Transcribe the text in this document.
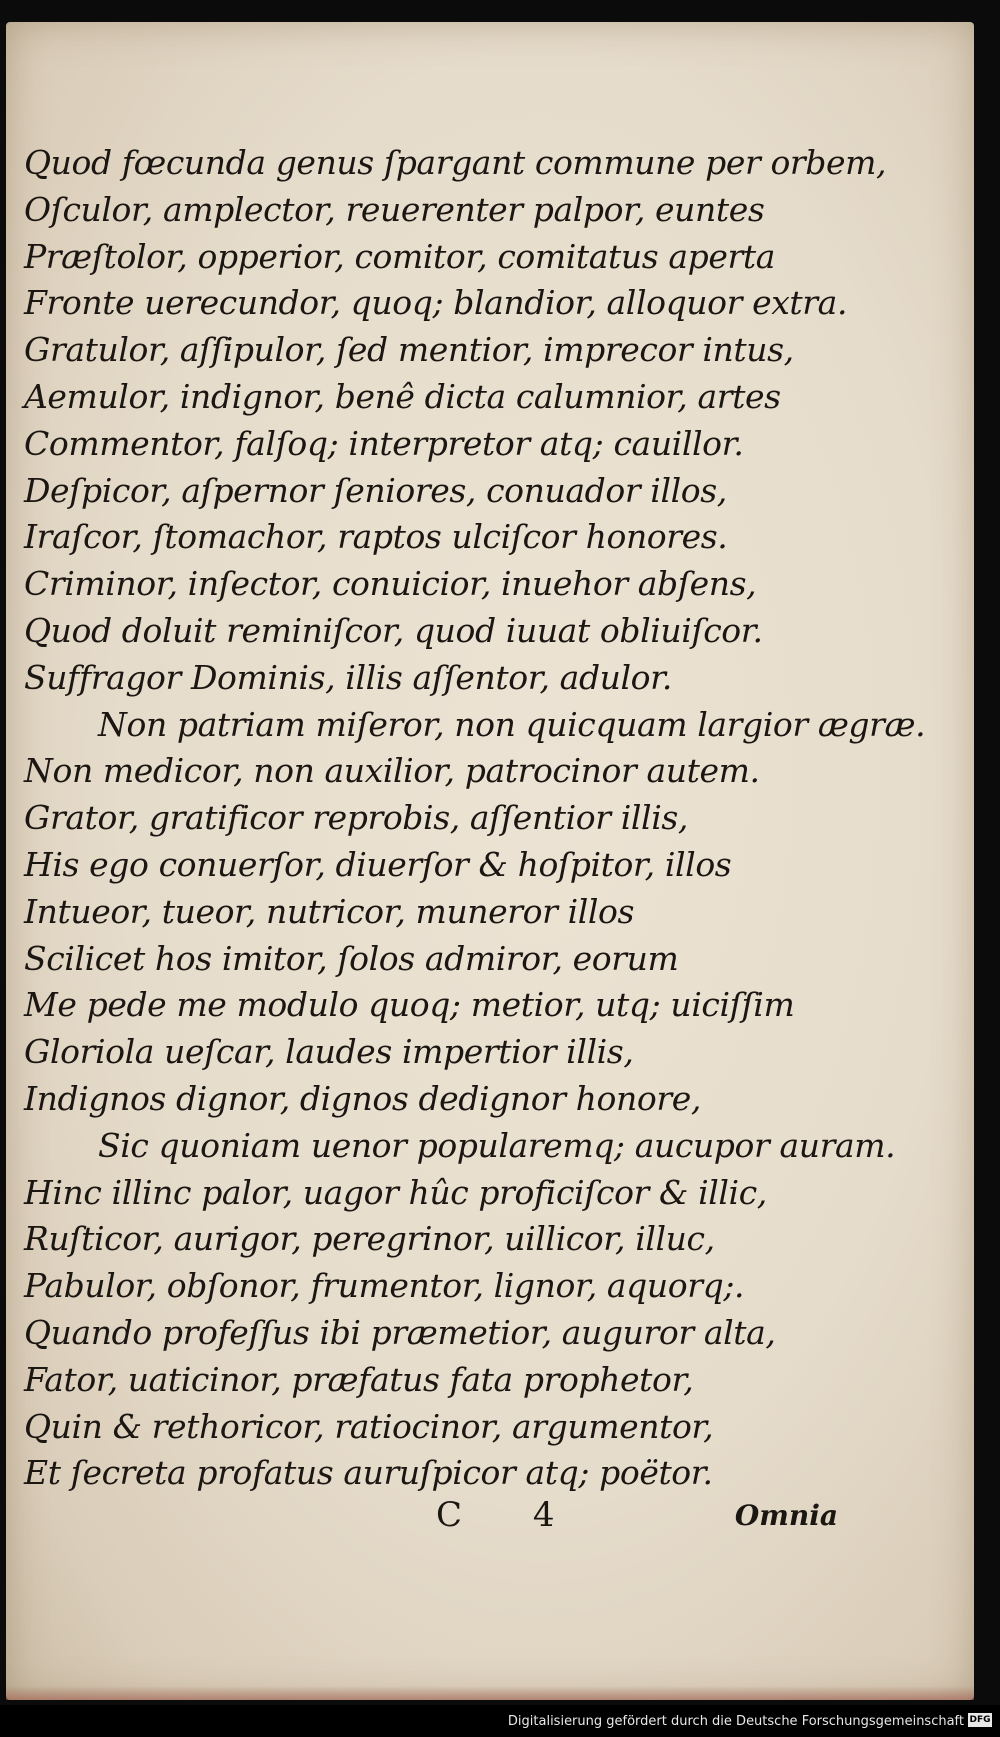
Quod fœcunda genus ſpargant commune per orbem,
Oſculor, amplector, reuerenter palpor, euntes
Præſtolor, opperior, comitor, comitatus aperta
Fronte uerecundor, quoq; blandior, alloquor extra.
Gratulor, aſſipulor, ſed mentior, imprecor intus,
Aemulor, indignor, benê dicta calumnior, artes
Commentor, falſoq; interpretor atq; cauillor.
Deſpicor, aſpernor ſeniores, conuador illos,
Iraſcor, ſtomachor, raptos ulciſcor honores.
Criminor, inſector, conuicior, inuehor abſens,
Quod doluit reminiſcor, quod iuuat obliuiſcor.
Suffragor Dominis, illis aſſentor, adulor.
Non patriam miſeror, non quicquam largior ægræ.
Non medicor, non auxilior, patrocinor autem.
Grator, gratificor reprobis, aſſentior illis,
His ego conuerſor, diuerſor & hoſpitor, illos
Intueor, tueor, nutricor, muneror illos
Scilicet hos imitor, ſolos admiror, eorum
Me pede me modulo quoq; metior, utq; uiciſſim
Gloriola ueſcar, laudes impertior illis,
Indignos dignor, dignos dedignor honore,
Sic quoniam uenor popularemq; aucupor auram.
Hinc illinc palor, uagor hûc proficiſcor & illic,
Ruſticor, aurigor, peregrinor, uillicor, illuc,
Pabulor, obſonor, frumentor, lignor, aquorq;.
Quando profeſſus ibi præmetior, auguror alta,
Fator, uaticinor, præfatus fata prophetor,
Quin & rethoricor, ratiocinor, argumentor,
Et ſecreta profatus auruſpicor atq; poëtor.
C 4	Omnia
Digitalisierung gefördert durch die Deutsche Forschungsgemeinschaft DFG
